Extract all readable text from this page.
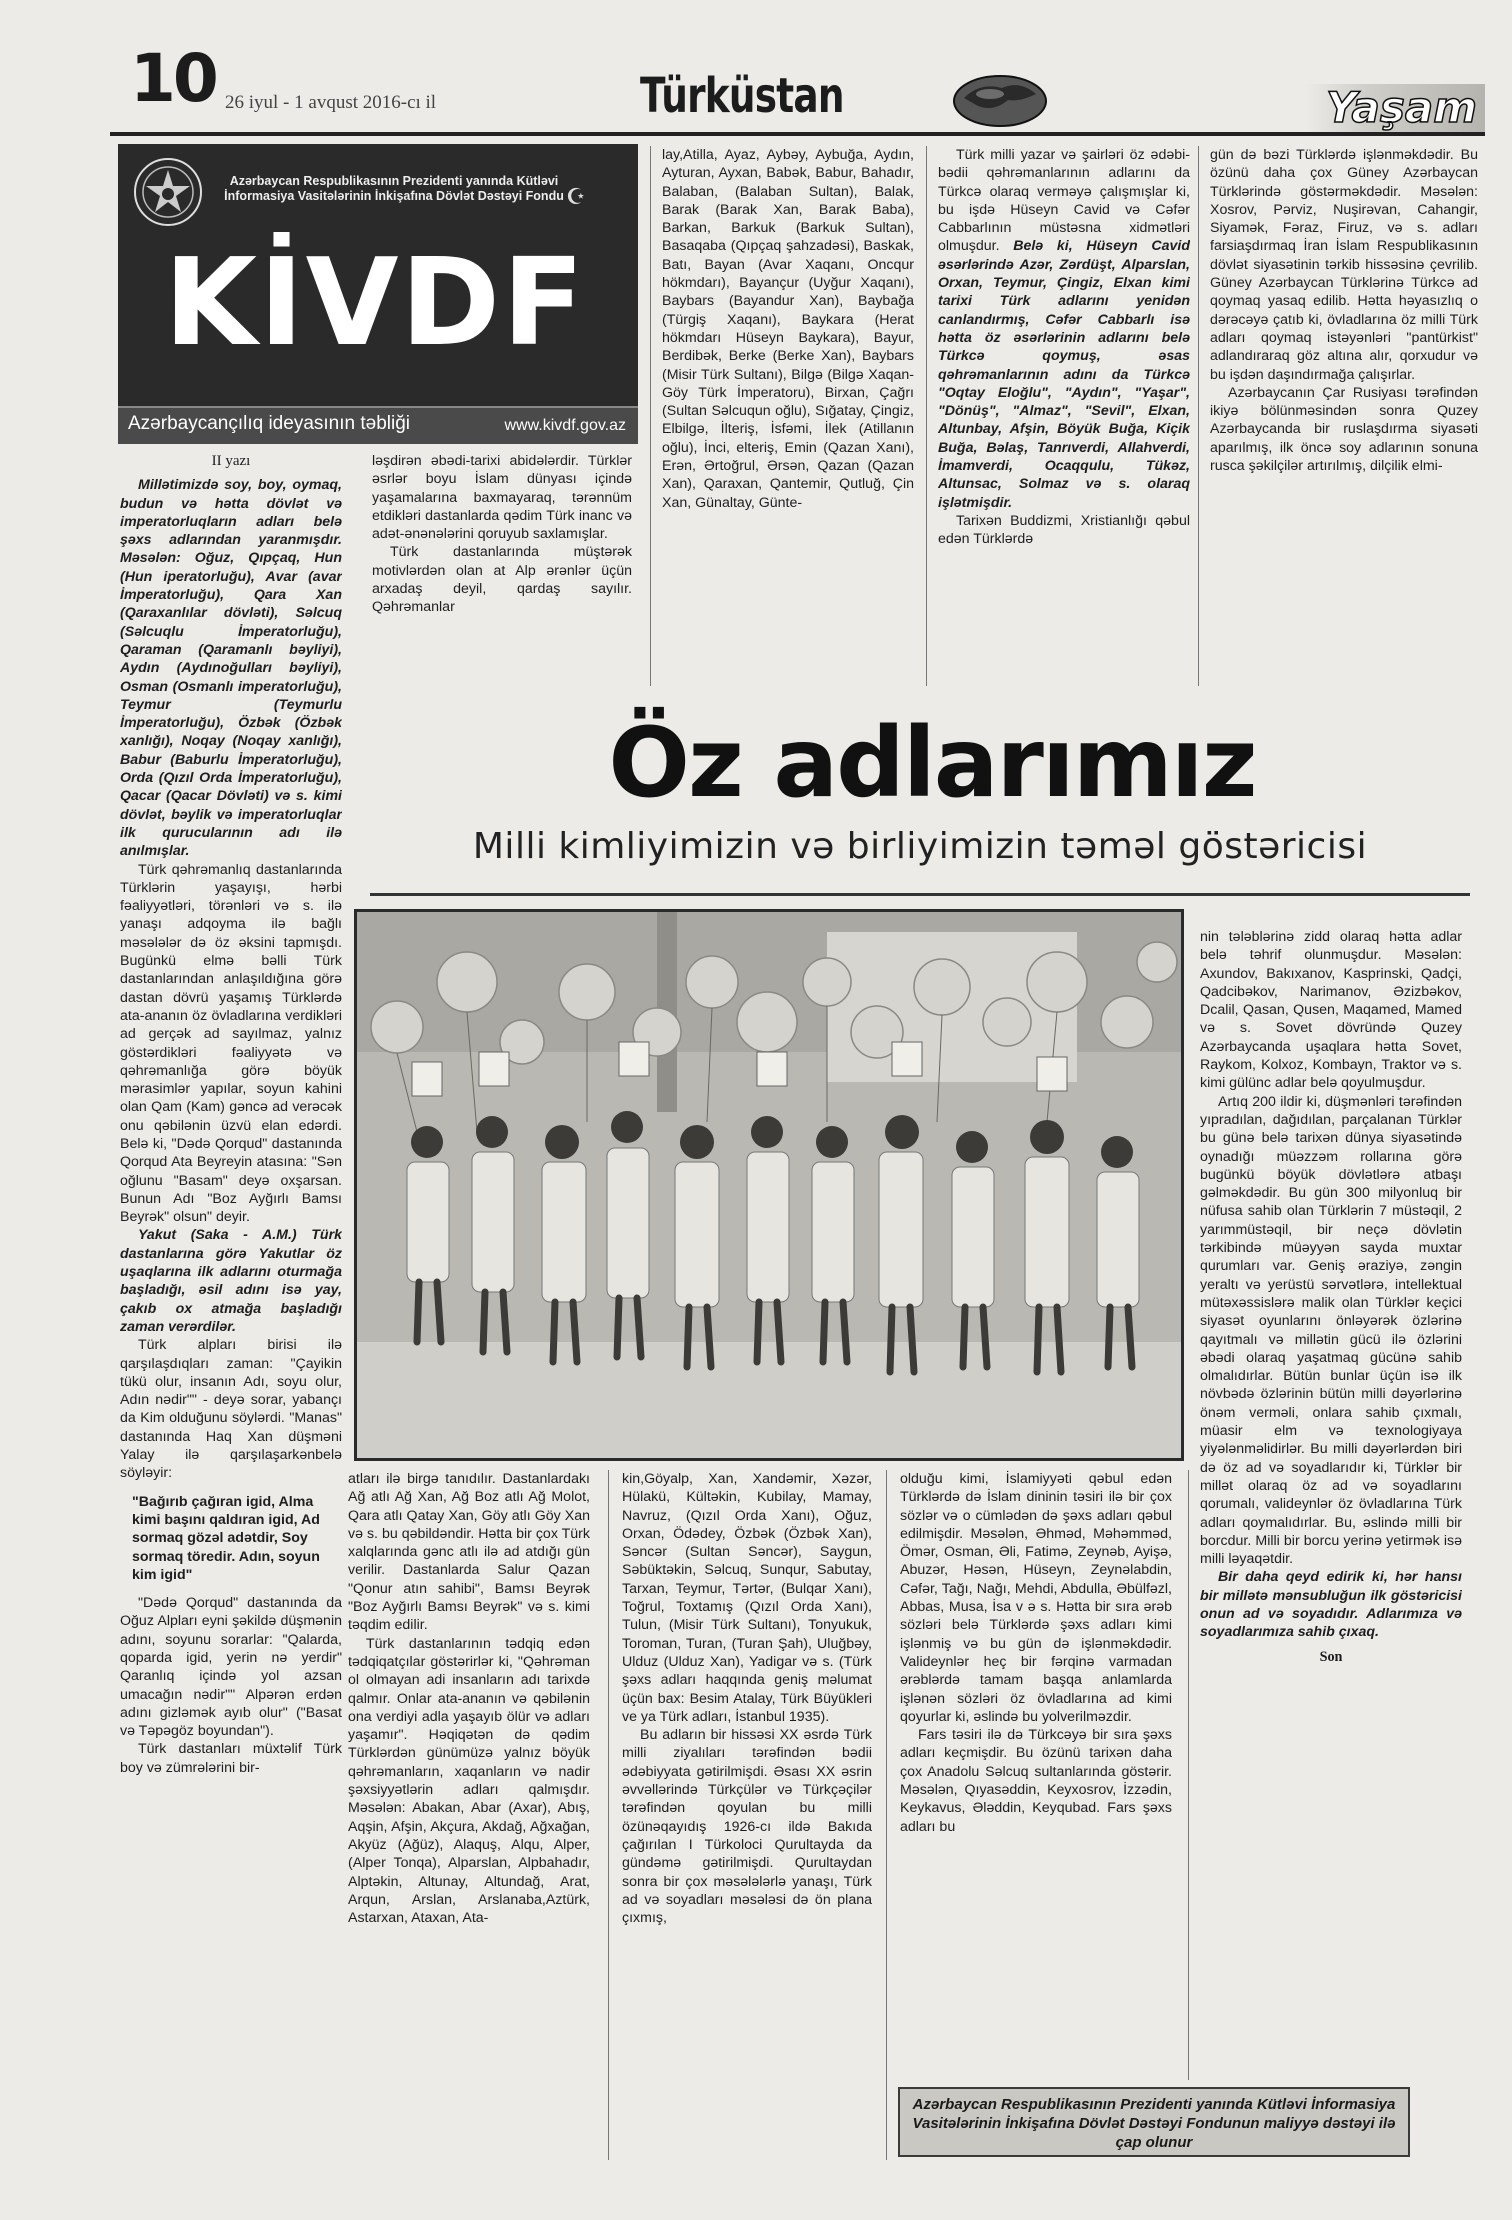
10 26 iyul - 1 avqust 2016-cı il	Türküstan	Yaşam
Azərbaycan Respublikasının Prezidenti yanında Kütləvi İnformasiya Vasitələrinin İnkişafına Dövlət Dəstəyi Fondu ☪
KİVDF
Azərbaycançılıq ideyasının təbliği	www.kivdf.gov.az

II yazı

Millətimizdə soy, boy, oymaq, budun və hətta dövlət və imperatorluqların adları belə şəxs adlarından yaranmışdır. Məsələn: Oğuz, Qıpçaq, Hun (Hun iperatorluğu), Avar (avar İmperatorluğu), Qara Xan (Qaraxanlılar dövləti), Səlcuq (Səlcuqlu İmperatorluğu), Qaraman (Qaramanlı bəyliyi), Aydın (Aydınoğulları bəyliyi), Osman (Osmanlı imperatorluğu), Teymur (Teymurlu İmperatorluğu), Özbək (Özbək xanlığı), Noqay (Noqay xanlığı), Babur (Baburlu İmperatorluğu), Orda (Qızıl Orda İmperatorluğu), Qacar (Qacar Dövləti) və s. kimi dövlət, bəylik və imperatorluqlar ilk qurucularının adı ilə anılmışlar.

Türk qəhrəmanlıq dastanlarında Türklərin yaşayışı, hərbi fəaliyyətləri, törənləri və s. ilə yanaşı adqoyma ilə bağlı məsələlər də öz əksini tapmışdı. Bugünkü elmə bəlli Türk dastanlarından anlaşıldığına görə dastan dövrü yaşamış Türklərdə ata-ananın öz övladlarına verdikləri ad gerçək ad sayılmaz, yalnız göstərdikləri fəaliyyətə və qəhrəmanlığa görə böyük mərasimlər yapılar, soyun kahini olan Qam (Kam) gəncə ad verəcək onu qəbilənin üzvü elan edərdi. Belə ki, "Dədə Qorqud" dastanında Qorqud Ata Beyreyin atasına: "Sən oğlunu "Basam" deyə oxşarsan. Bunun Adı "Boz Ayğırlı Bamsı Beyrək" olsun" deyir.

Yakut (Saka - A.M.) Türk dastanlarına görə Yakutlar öz uşaqlarına ilk adlarını oturmağa başladığı, əsil adını isə yay, çakıb ox atmağa başladığı zaman verərdilər.

Türk alpları birisi ilə qarşılaşdıqları zaman: "Çayikin tükü olur, insanın Adı, soyu olur, Adın nədir"" - deyə sorar, yabançı da Kim olduğunu söylərdi. "Manas" dastanında Haq Xan düşməni Yalay ilə qarşılaşarkənbelə söyləyir:

"Bağırıb çağıran igid, Alma kimi başını qaldıran igid, Ad sormaq gözəl adətdir, Soy sormaq töredir. Adın, soyun kim igid"

"Dədə Qorqud" dastanında da Oğuz Alpları eyni şəkildə düşmənin adını, soyunu sorarlar: "Qalarda, qoparda igid, yerin nə yerdir" Qaranlıq içində yol azsan umacağın nədir"" Alpərən erdən adını gizləmək ayıb olur" ("Basat və Təpəgöz boyundan").

Türk dastanları müxtəlif Türk boy və zümrələrini bir-

ləşdirən əbədi-tarixi abidələrdir. Türklər əsrlər boyu İslam dünyası içində yaşamalarına baxmayaraq, tərənnüm etdikləri dastanlarda qədim Türk inanc və adət-ənənələrini qoruyub saxlamışlar.

Türk dastanlarında müştərək motivlərdən olan at Alp ərənlər üçün arxadaş deyil, qardaş sayılır. Qəhrəmanlar

lay,Atilla, Ayaz, Aybəy, Aybuğa, Aydın, Ayturan, Ayxan, Babək, Babur, Bahadır, Balaban, (Balaban Sultan), Balak, Barak (Barak Xan, Barak Baba), Barkan, Barkuk (Barkuk Sultan), Basaqaba (Qıpçaq şahzadəsi), Baskak, Batı, Bayan (Avar Xaqanı, Oncqur hökmdarı), Bayançur (Uyğur Xaqanı), Baybars (Bayandur Xan), Baybağa (Türgiş Xaqanı), Baykara (Herat hökmdarı Hüseyn Baykara), Bayur, Berdibək, Berke (Berke Xan), Baybars (Misir Türk Sultanı), Bilgə (Bilgə Xaqan-Göy Türk İmperatoru), Birxan, Çağrı (Sultan Səlcuqun oğlu), Sığatay, Çingiz, Elbilgə, İlteriş, İsfəmi, İlek (Atillanın oğlu), İnci, elteriş, Emin (Qazan Xanı), Erən, Ərtoğrul, Ərsən, Qazan (Qazan Xan), Qaraxan, Qantemir, Qutluğ, Çin Xan, Günaltay, Günte-

Türk milli yazar və şairləri öz ədəbi-bədii qəhrəmanlarının adlarını da Türkcə olaraq verməyə çalışmışlar ki, bu işdə Hüseyn Cavid və Cəfər Cabbarlının müstəsna xidmətləri olmuşdur. Belə ki, Hüseyn Cavid əsərlərində Azər, Zərdüşt, Alparslan, Orxan, Teymur, Çingiz, Elxan kimi tarixi Türk adlarını yenidən canlandırmış, Cəfər Cabbarlı isə hətta öz əsərlərinin adlarını belə Türkcə qoymuş, əsas qəhrəmanlarının adını da Türkcə "Oqtay Eloğlu", "Aydın", "Yaşar", "Dönüş", "Almaz", "Sevil", Elxan, Altunbay, Afşin, Böyük Buğa, Kiçik Buğa, Bəlaş, Tanrıverdi, Allahverdi, İmamverdi, Ocaqqulu, Tükəz, Altunsac, Solmaz və s. olaraq işlətmişdir.

Tarixən Buddizmi, Xristianlığı qəbul edən Türklərdə

gün də bəzi Türklərdə işlənməkdədir. Bu özünü daha çox Güney Azərbaycan Türklərində göstərməkdədir. Məsələn: Xosrov, Pərviz, Nuşirəvan, Cahangir, Siyamək, Fəraz, Firuz, və s. adları farsiaşdırmaq İran İslam Respublikasının dövlət siyasətinin tərkib hissəsinə çevrilib. Güney Azərbaycan Türklərinə Türkcə ad qoymaq yasaq edilib. Hətta həyasızlıq o dərəcəyə çatıb ki, övladlarına öz milli Türk adları qoymaq istəyənləri "pantürkist" adlandıraraq göz altına alır, qorxudur və bu işdən daşındırmağa çalışırlar.

Azərbaycanın Çar Rusiyası tərəfindən ikiyə bölünməsindən sonra Quzey Azərbaycanda bir ruslaşdırma siyasəti aparılmış, ilk öncə soy adlarının sonuna rusca şəkilçilər artırılmış, dilçilik elmi-

Öz adlarımız
Milli kimliyimizin və birliyimizin təməl göstəricisi

nin tələblərinə zidd olaraq hətta adlar belə təhrif olunmuşdur. Məsələn: Axundov, Bakıxanov, Kasprinski, Qadçi, Qadcibəkov, Narimanov, Əzizbəkov, Dcalil, Qasan, Qusen, Maqamed, Mamed və s. Sovet dövründə Quzey Azərbaycanda uşaqlara hətta Sovet, Raykom, Kolxoz, Kombayn, Traktor və s. kimi gülünc adlar belə qoyulmuşdur.

Artıq 200 ildir ki, düşmənləri tərəfindən yıpradılan, dağıdılan, parçalanan Türklər bu günə belə tarixən dünya siyasətində oynadığı müəzzəm rollarına görə bugünkü böyük dövlətlərə atbaşı gəlməkdədir. Bu gün 300 milyonluq bir nüfusa sahib olan Türklərin 7 müstəqil, 2 yarımmüstəqil, bir neçə dövlətin tərkibində müəyyən sayda muxtar qurumları var. Geniş əraziyə, zəngin yeraltı və yerüstü sərvətlərə, intellektual mütəxəssislərə malik olan Türklər keçici siyasət oyunlarını önləyərək özlərinə qayıtmalı və millətin gücü ilə özlərini əbədi olaraq yaşatmaq gücünə sahib olmalıdırlar. Bütün bunlar üçün isə ilk növbədə özlərinin bütün milli dəyərlərinə önəm verməli, onlara sahib çıxmalı, müasir elm və texnologiyaya yiyələnməlidirlər. Bu milli dəyərlərdən biri də öz ad və soyadlarıdır ki, Türklər bir millət olaraq öz ad və soyadlarını qorumalı, valideynlər öz övladlarına Türk adları qoymalıdırlar. Bu, əslində milli bir borcdur. Milli bir borcu yerinə yetirmək isə milli ləyaqətdir.

Bir daha qeyd edirik ki, hər hansı bir millətə mənsubluğun ilk göstəricisi onun ad və soyadıdır. Adlarımıza və soyadlarımıza sahib çıxaq.

Son

atları ilə birgə tanıdılır. Dastanlardakı Ağ atlı Ağ Xan, Ağ Boz atlı Ağ Molot, Qara atlı Qatay Xan, Göy atlı Göy Xan və s. bu qəbildəndir. Hətta bir çox Türk xalqlarında gənc atlı ilə ad atdığı gün verilir. Dastanlarda Salur Qazan "Qonur atın sahibi", Bamsı Beyrək "Boz Ayğırlı Bamsı Beyrək" və s. kimi təqdim edilir.

Türk dastanlarının tədqiq edən tədqiqatçılar göstərirlər ki, "Qəhrəman ol olmayan adi insanların adı tarixdə qalmır. Onlar ata-ananın və qəbilənin ona verdiyi adla yaşayıb ölür və adları yaşamır". Həqiqətən də qədim Türklərdən günümüzə yalnız böyük qəhrəmanların, xaqanların və nadir şəxsiyyətlərin adları qalmışdır. Məsələn: Abakan, Abar (Axar), Abış, Aqşin, Afşin, Akçura, Akdağ, Ağxağan, Akyüz (Ağüz), Alaquş, Alqu, Alper, (Alper Tonqa), Alparslan, Alpbahadır, Alptəkin, Altunay, Altundağ, Arat, Arqun, Arslan, Arslanaba,Aztürk, Astarxan, Ataxan, Ata-

kin,Göyalp, Xan, Xandəmir, Xəzər, Hülakü, Kültəkin, Kubilay, Mamay, Navruz, (Qızıl Orda Xanı), Oğuz, Orxan, Ödədey, Özbək (Özbək Xan), Səncər (Sultan Səncər), Saygun, Səbüktəkin, Səlcuq, Sunqur, Sabutay, Tarxan, Teymur, Tərtər, (Bulqar Xanı), Toğrul, Toxtamış (Qızıl Orda Xanı), Tulun, (Misir Türk Sultanı), Tonyukuk, Toroman, Turan, (Turan Şah), Uluğbəy, Ulduz (Ulduz Xan), Yadigar və s. (Türk şəxs adları haqqında geniş məlumat üçün bax: Besim Atalay, Türk Büyükleri ve ya Türk adları, İstanbul 1935).

Bu adların bir hissəsi XX əsrdə Türk milli ziyalıları tərəfindən bədii ədəbiyyata gətirilmişdi. Əsası XX əsrin əvvəllərində Türkçülər və Türkçəçilər tərəfindən qoyulan bu milli özünəqayıdış 1926-cı ildə Bakıda çağırılan I Türkoloci Qurultayda da gündəmə gətirilmişdi. Qurultaydan sonra bir çox məsələlərlə yanaşı, Türk ad və soyadları məsələsi də ön plana çıxmış,

olduğu kimi, İslamiyyəti qəbul edən Türklərdə də İslam dininin təsiri ilə bir çox sözlər və o cümlədən də şəxs adları qəbul edilmişdir. Məsələn, Əhməd, Məhəmməd, Ömər, Osman, Əli, Fatimə, Zeynəb, Ayişə, Abuzər, Həsən, Hüseyn, Zeynəlabdin, Cəfər, Tağı, Nağı, Mehdi, Abdulla, Əbülfəzl, Abbas, Musa, İsa v ə s. Hətta bir sıra ərəb sözləri belə Türklərdə şəxs adları kimi işlənmiş və bu gün də işlənməkdədir. Valideynlər heç bir fərqinə varmadan ərəblərdə tamam başqa anlamlarda işlənən sözləri öz övladlarına ad kimi qoyurlar ki, əslində bu yolverilməzdir.

Fars təsiri ilə də Türkcəyə bir sıra şəxs adları keçmişdir. Bu özünü tarixən daha çox Anadolu Səlcuq sultanlarında göstərir. Məsələn, Qıyasəddin, Keyxosrov, İzzədin, Keykavus, Ələddin, Keyqubad. Fars şəxs adları bu

Azərbaycan Respublikasının Prezidenti yanında Kütləvi İnformasiya Vasitələrinin İnkişafına Dövlət Dəstəyi Fondunun maliyyə dəstəyi ilə çap olunur
